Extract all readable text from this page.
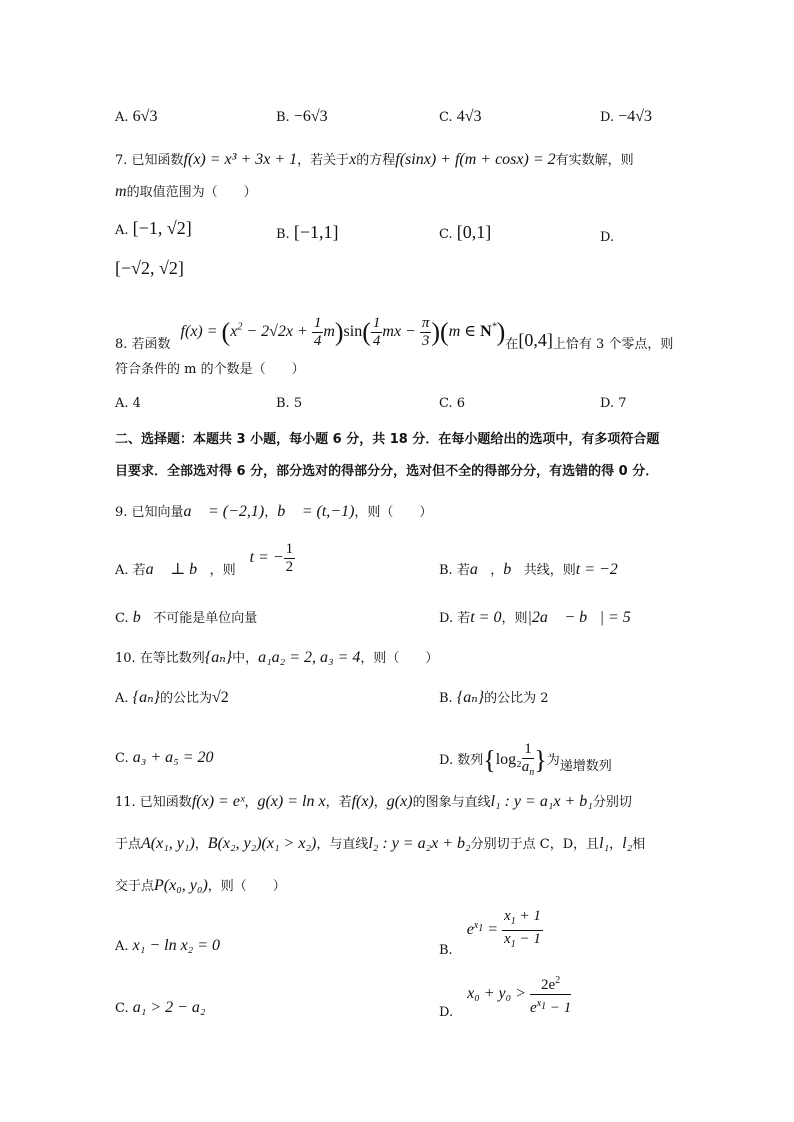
A. 6√3	B. −6√3	C. 4√3	D. −4√3
7. 已知函数f(x) = x³ + 3x + 1，若关于x的方程f(sinx) + f(m + cosx) = 2有实数解，则
m的取值范围为（　　）
A. [−1, √2]	B. [−1,1]	C. [0,1]	D.
[−√2, √2]
8. 若函数$f(x) = (x^2 - 2√2x + \frac{1}{4} m)\sin( \frac{1}{4}$ mx − $\frac{\pi}{3} )(m$ ∈ N*)在[0,4]上恰有 3 个零点，则
符合条件的 m 的个数是（　　）
A. 4	B. 5	C. 6	D. 7
二、选择题：本题共 3 小题，每小题 6 分，共 18 分．在每小题给出的选项中，有多项符合题
目要求．全部选对得 6 分，部分选对的得部分分，选对但不全的得部分分，有选错的得 0 分．
9. 已知向量a⃗ = (−2,1)，b⃗ = (t,−1)，则（　　）
A. 若a⃗ ⊥ b⃗，则t = − $\frac{1}{2}$	B. 若a⃗，b⃗共线，则t = −2
C. b⃗不可能是单位向量	D. 若t = 0，则|2a⃗ − b⃗| = 5
10. 在等比数列{aₙ}中，a₁a₂ = 2, a₃ = 4，则（　　）
A. {aₙ}的公比为√2	B. {aₙ}的公比为 2
C. a₃ + a₅ = 20	D. 数列{$\log_2 \frac{1}{a_n}$ }为递增数列
11. 已知函数f(x) = eˣ，g(x) = ln x，若f(x)，g(x)的图象与直线l₁ : y = a₁x + b₁分别切
于点A(x₁, y₁)，B(x₂, y₂)(x₁ > x₂)，与直线l₂ : y = a₂x + b₂分别切于点 C，D，且l₁，l₂相
交于点P(x₀, y₀)，则（　　）
A. x₁ − ln x₂ = 0	$B.e^{x_1} = \frac{x_1 + 1}{x_1 - 1}$
C. a₁ > 2 − a₂	$D.x_0 + y_0 > \frac{2e^2}{e^{x_1} - 1}$
